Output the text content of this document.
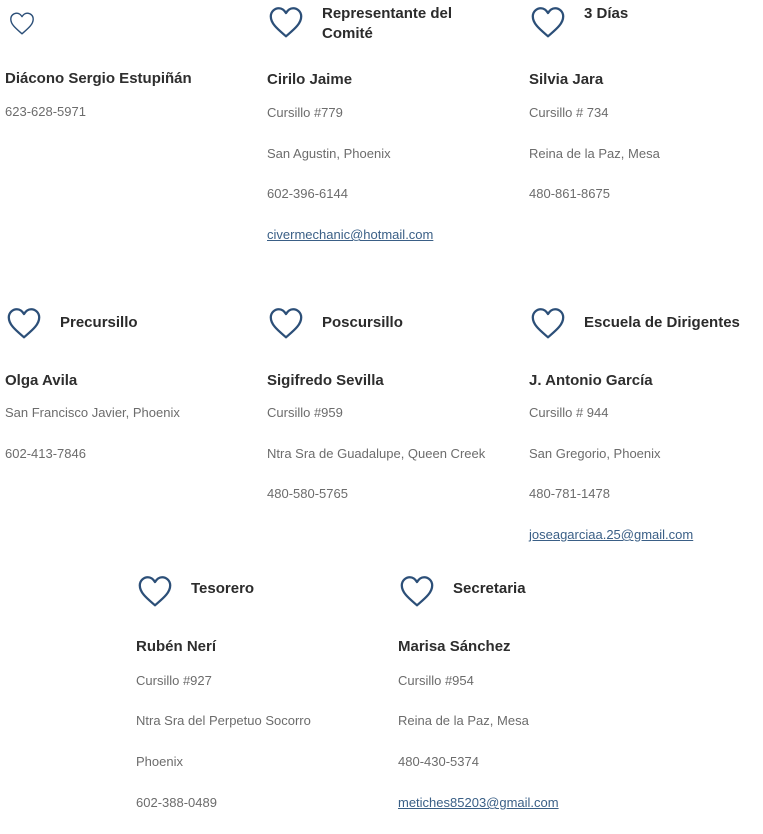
Diácono Sergio Estupiñán
623-628-5971
Representante del
Comité
Cirilo Jaime
Cursillo #779
San Agustin, Phoenix
602-396-6144
civermechanic@hotmail.com
3 Días
Silvia Jara
Cursillo # 734
Reina de la Paz, Mesa
480-861-8675
Precursillo
Olga Avila
San Francisco Javier, Phoenix
602-413-7846
Poscursillo
Sigifredo Sevilla
Cursillo #959
Ntra Sra de Guadalupe, Queen Creek
480-580-5765
Escuela de Dirigentes
J. Antonio García
Cursillo # 944
San Gregorio, Phoenix
480-781-1478
joseagarciaa.25@gmail.com
Tesorero
Rubén Nerí
Cursillo #927
Ntra Sra del Perpetuo Socorro
Phoenix
602-388-0489
Secretaria
Marisa Sánchez
Cursillo #954
Reina de la Paz, Mesa
480-430-5374
metiches85203@gmail.com
